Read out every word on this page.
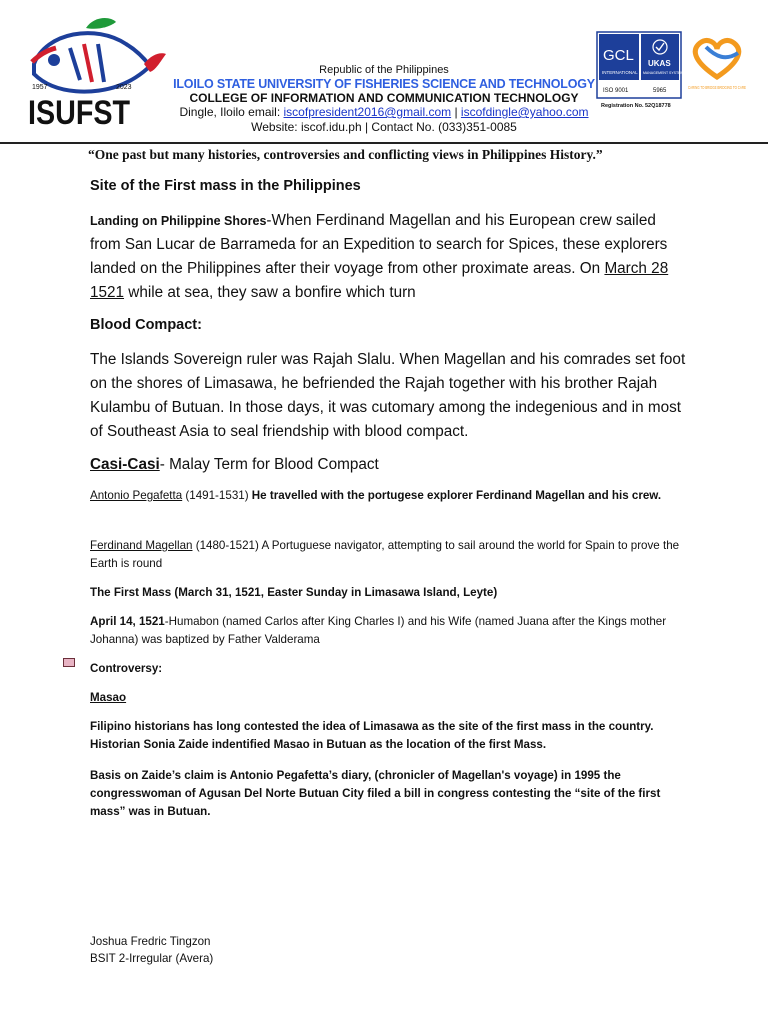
1957	2023
ISUFST
Republic of the Philippines
ILOILO STATE UNIVERSITY OF FISHERIES SCIENCE AND TECHNOLOGY
COLLEGE OF INFORMATION AND COMMUNICATION TECHNOLOGY
Dingle, Iloilo email: iscofpresident2016@gmail.com | iscofdingle@yahoo.com
Website: iscof.idu.ph | Contact No. (033)351-0085
GCL
INTERNATIONAL
UKAS
MANAGEMENT SYSTEMS
ISO 9001	5965
Registration No. 52Q18778
CARING TO BRIDGE BRIDGING TO CARE
“One past but many histories, controversies and conflicting views in Philippines History.”
Site of the First mass in the Philippines
Landing on Philippine Shores-When Ferdinand Magellan and his European crew sailed from San Lucar de Barrameda for an Expedition to search for Spices, these explorers landed on the Philippines after their voyage from other proximate areas. On March 28 1521 while at sea, they saw a bonfire which turn
Blood Compact:
The Islands Sovereign ruler was Rajah Slalu. When Magellan and his comrades set foot on the shores of Limasawa, he befriended the Rajah together with his brother Rajah Kulambu of Butuan. In those days, it was cutomary among the indegenious and in most of Southeast Asia to seal friendship with blood compact.
Casi-Casi- Malay Term for Blood Compact
Antonio Pegafetta (1491-1531) He travelled with the portugese explorer Ferdinand Magellan and his crew.
Ferdinand Magellan (1480-1521) A Portuguese navigator, attempting to sail around the world for Spain to prove the Earth is round
The First Mass (March 31, 1521, Easter Sunday in Limasawa Island, Leyte)
April 14, 1521-Humabon (named Carlos after King Charles I) and his Wife (named Juana after the Kings mother Johanna) was baptized by Father Valderama
Controversy:
Masao
Filipino historians has long contested the idea of Limasawa as the site of the first mass in the country. Historian Sonia Zaide indentified Masao in Butuan as the location of the first Mass.
Basis on Zaide’s claim is Antonio Pegafetta’s diary, (chronicler of Magellan's voyage) in 1995 the congresswoman of Agusan Del Norte Butuan City filed a bill in congress contesting the “site of the first mass” was in Butuan.
Joshua Fredric Tingzon
BSIT 2-Irregular (Avera)
